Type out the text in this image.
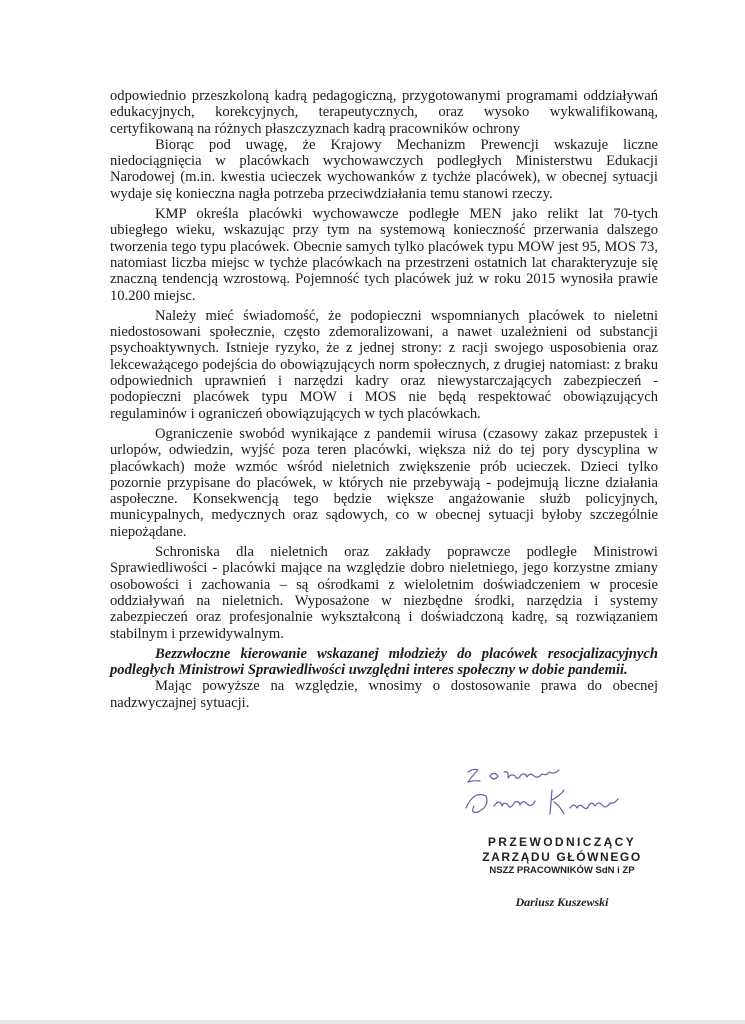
odpowiednio przeszkoloną kadrą pedagogiczną, przygotowanymi programami oddziaływań edukacyjnych, korekcyjnych, terapeutycznych, oraz wysoko wykwalifikowaną, certyfikowaną na różnych płaszczyznach kadrą pracowników ochrony

Biorąc pod uwagę, że Krajowy Mechanizm Prewencji wskazuje liczne niedociągnięcia w placówkach wychowawczych podległych Ministerstwu Edukacji Narodowej (m.in. kwestia ucieczek wychowanków z tychże placówek), w obecnej sytuacji wydaje się konieczna nagła potrzeba przeciwdziałania temu stanowi rzeczy.

KMP określa placówki wychowawcze podległe MEN jako relikt lat 70-tych ubiegłego wieku, wskazując przy tym na systemową konieczność przerwania dalszego tworzenia tego typu placówek. Obecnie samych tylko placówek typu MOW jest 95, MOS 73, natomiast liczba miejsc w tychże placówkach na przestrzeni ostatnich lat charakteryzuje się znaczną tendencją wzrostową. Pojemność tych placówek już w roku 2015 wynosiła prawie 10.200 miejsc.

Należy mieć świadomość, że podopieczni wspomnianych placówek to nieletni niedostosowani społecznie, często zdemoralizowani, a nawet uzależnieni od substancji psychoaktywnych. Istnieje ryzyko, że z jednej strony: z racji swojego usposobienia oraz lekceważącego podejścia do obowiązujących norm społecznych, z drugiej natomiast: z braku odpowiednich uprawnień i narzędzi kadry oraz niewystarczających zabezpieczeń - podopieczni placówek typu MOW i MOS nie będą respektować obowiązujących regulaminów i ograniczeń obowiązujących w tych placówkach.

Ograniczenie swobód wynikające z pandemii wirusa (czasowy zakaz przepustek i urlopów, odwiedzin, wyjść poza teren placówki, większa niż do tej pory dyscyplina w placówkach) może wzmóc wśród nieletnich zwiększenie prób ucieczek. Dzieci tylko pozornie przypisane do placówek, w których nie przebywają - podejmują liczne działania aspołeczne. Konsekwencją tego będzie większe angażowanie służb policyjnych, municypalnych, medycznych oraz sądowych, co w obecnej sytuacji byłoby szczególnie niepożądane.

Schroniska dla nieletnich oraz zakłady poprawcze podległe Ministrowi Sprawiedliwości - placówki mające na względzie dobro nieletniego, jego korzystne zmiany osobowości i zachowania – są ośrodkami z wieloletnim doświadczeniem w procesie oddziaływań na nieletnich. Wyposażone w niezbędne środki, narzędzia i systemy zabezpieczeń oraz profesjonalnie wykształconą i doświadczoną kadrę, są rozwiązaniem stabilnym i przewidywalnym.

Bezzwłoczne kierowanie wskazanej młodzieży do placówek resocjalizacyjnych podległych Ministrowi Sprawiedliwości uwzględni interes społeczny w dobie pandemii.

Mając powyższe na względzie, wnosimy o dostosowanie prawa do obecnej nadzwyczajnej sytuacji.

PRZEWODNICZĄCY
ZARZĄDU GŁÓWNEGO
NSZZ PRACOWNIKÓW SdN i ZP
Dariusz Kuszewski
